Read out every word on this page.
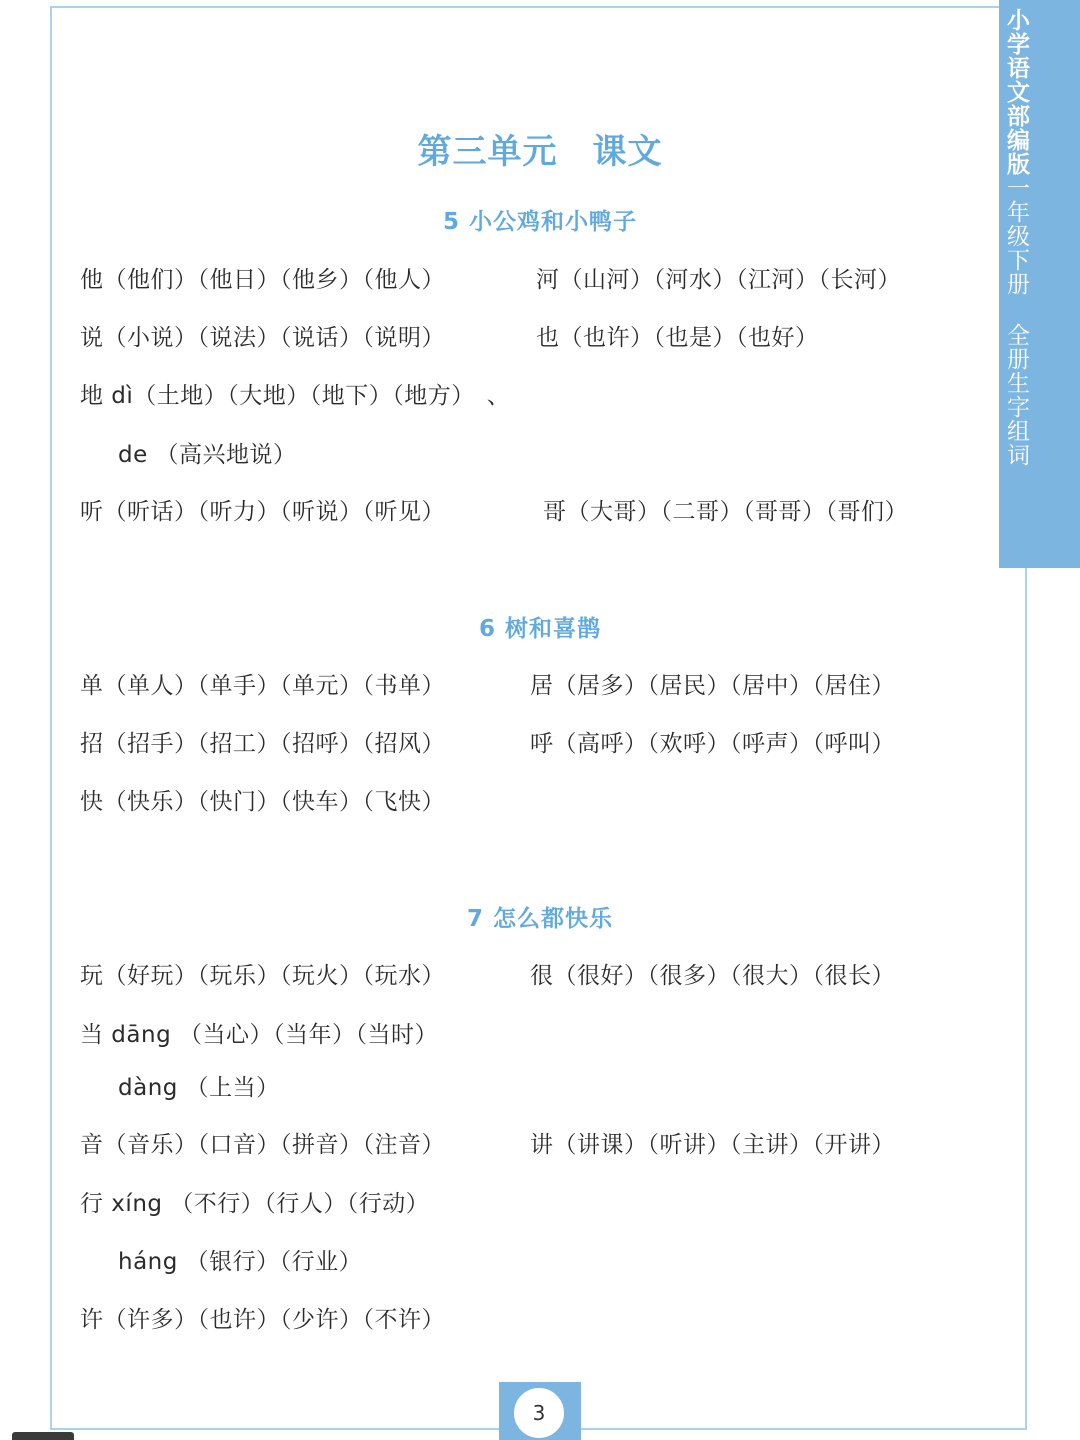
小学语文部编版一年级下册 全册生字组词
第三单元　课文
5 小公鸡和小鸭子
他（他们）（他日）（他乡）（他人）	河（山河）（河水）（江河）（长河）
说（小说）（说法）（说话）（说明）	也（也许）（也是）（也好）
地 dì（土地）（大地）（地下）（地方）　、
de （高兴地说）
听（听话）（听力）（听说）（听见）	哥（大哥）（二哥）（哥哥）（哥们）
6 树和喜鹊
单（单人）（单手）（单元）（书单）	居（居多）（居民）（居中）（居住）
招（招手）（招工）（招呼）（招风）	呼（高呼）（欢呼）（呼声）（呼叫）
快（快乐）（快门）（快车）（飞快）
7 怎么都快乐
玩（好玩）（玩乐）（玩火）（玩水）	很（很好）（很多）（很大）（很长）
当 dāng （当心）（当年）（当时）
dàng （上当）
音（音乐）（口音）（拼音）（注音）	讲（讲课）（听讲）（主讲）（开讲）
行 xíng （不行）（行人）（行动）
háng （银行）（行业）
许（许多）（也许）（少许）（不许）
3
